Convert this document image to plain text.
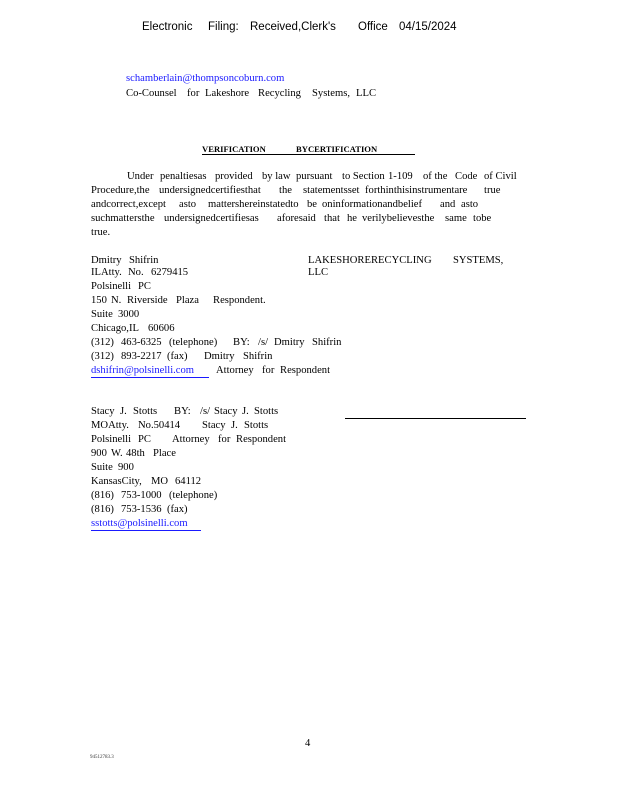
Electronic Filing: Received,Clerk's Office 04/15/2024
schamberlain@thompsoncoburn.com
Co-Counsel for Lakeshore Recycling Systems, LLC
VERIFICATION	BYCERTIFICATION
Under penaltiesas provided by law pursuant to Section 1-109 of the Code of Civil
Procedure,the undersignedcertifiesthat the statementsset forthinthisinstrumentare true
andcorrect,except asto mattershereinstatedto be oninformationandbelief and asto
suchmattersthe undersignedcertifiesas aforesaid that he verilybelievesthe same tobe
true.
Dmitry Shifrin	LAKESHORERECYCLING SYSTEMS,
LLC
ILAtty. No. 6279415
Polsinelli PC
150 N. Riverside Plaza Respondent.
Suite 3000
Chicago,IL 60606
(312) 463-6325 (telephone) BY: /s/ Dmitry Shifrin
(312) 893-2217 (fax) Dmitry Shifrin
dshifrin@polsinelli.com Attorney for Respondent
Stacy J. Stotts BY: /s/ Stacy J. Stotts
MOAtty. No.50414 Stacy J. Stotts
Polsinelli PC Attorney for Respondent
900 W. 48th Place
Suite 900
KansasCity, MO 64112
(816) 753-1000 (telephone)
(816) 753-1536 (fax)
sstotts@polsinelli.com
4
94512783.3
